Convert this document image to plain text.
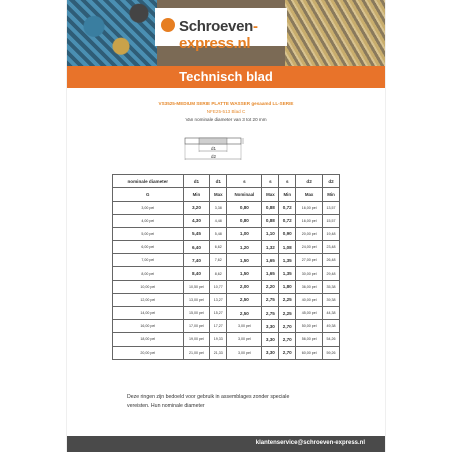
Schroeven-express.nl
Technisch blad
VS3525-MEDIUM SERIE PLATTE WASSER gesaamd LL-SERIE
NFE25-513 Blad C
Van nominale diameter van 3 tot 20 mm
d1
d2
nominale diameter	d1	d1	s	s	s	d2	d2
G	Min	Max	Nominaal	Max	Min	Max	Min
3,00 pel	3,20	3,38	0,80	0,88	0,72	16,00 pel	13,57
4,00 pel	4,30	4,48	0,80	0,88	0,72	16,00 pel	15,57
5,00 pel	5,45	5,48	1,00	1,10	0,90	20,00 pel	19,48
6,00 pel	6,40	6,62	1,20	1,32	1,08	24,00 pel	23,48
7,00 pel	7,40	7,62	1,50	1,65	1,35	27,00 pel	26,48
8,00 pel	8,40	8,62	1,50	1,65	1,35	30,00 pel	29,48
10,00 pel	10,50 pel	10,77	2,00	2,20	1,80	36,00 pel	35,38
12,00 pel	13,00 pel	13,27	2,50	2,75	2,25	40,00 pel	39,38
14,00 pel	15,00 pel	15,27	2,50	2,75	2,25	45,00 pel	44,38
16,00 pel	17,00 pel	17,27	3,00 pel	3,30	2,70	50,00 pel	49,38
18,00 pel	19,00 pel	19,33	3,00 pel	3,30	2,70	56,00 pel	54,26
20,00 pel	21,00 pel	21,33	3,00 pel	3,30	2,70	60,00 pel	59,26
Deze ringen zijn bedoeld voor gebruik in assemblages zonder speciale
vereisten. Hun nominale diameter
klantenservice@schroeven-express.nl
